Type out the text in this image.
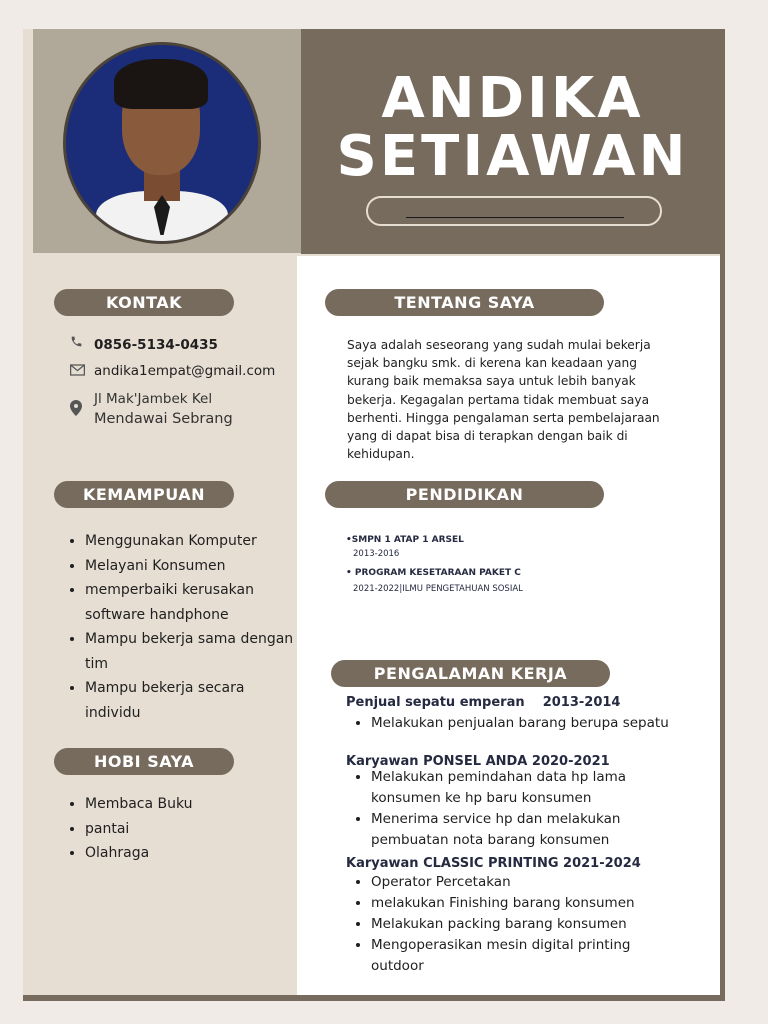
ANDIKA
SETIAWAN
KONTAK	TENTANG SAYA
KEMAMPUAN	PENDIDIKAN
PENGALAMAN KERJA
HOBI SAYA
0856-5134-0435
andika1empat@gmail.com
Jl Mak'Jambek Kel
Mendawai Sebrang
Saya adalah seseorang yang sudah mulai bekerja sejak bangku smk. di kerena kan keadaan yang kurang baik memaksa saya untuk lebih banyak bekerja. Kegagalan pertama tidak membuat saya berhenti. Hingga pengalaman serta pembelajaraan yang di dapat bisa di terapkan dengan baik di kehidupan.
• Menggunakan Komputer
• Melayani Konsumen
• memperbaiki kerusakan software handphone
• Mampu bekerja sama dengan tim
• Mampu bekerja secara individu
• Membaca Buku
• pantai
• Olahraga
•SMPN 1 ATAP 1 ARSEL
2013-2016
• PROGRAM KESETARAAN PAKET C
2021-2022|ILMU PENGETAHUAN SOSIAL
Penjual sepatu emperan    2013-2014
• Melakukan penjualan barang berupa sepatu
Karyawan PONSEL ANDA 2020-2021
• Melakukan pemindahan data hp lama konsumen ke hp baru konsumen
• Menerima service hp dan melakukan pembuatan nota barang konsumen
Karyawan CLASSIC PRINTING 2021-2024
• Operator Percetakan
• melakukan Finishing barang konsumen
• Melakukan packing barang konsumen
• Mengoperasikan mesin digital printing outdoor
